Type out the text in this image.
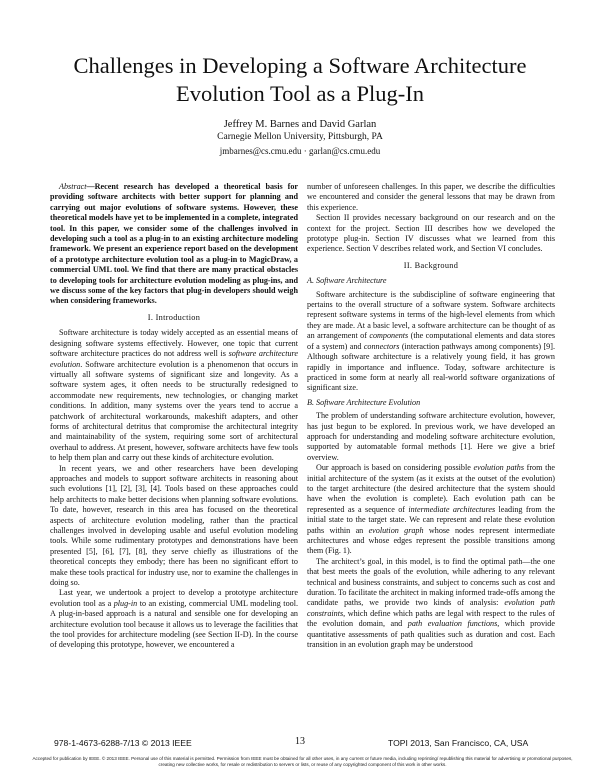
Challenges in Developing a Software Architecture Evolution Tool as a Plug-In
Jeffrey M. Barnes and David Garlan
Carnegie Mellon University, Pittsburgh, PA
jmbarnes@cs.cmu.edu · garlan@cs.cmu.edu

Abstract—Recent research has developed a theoretical basis for providing software architects with better support for planning and carrying out major evolutions of software systems. However, these theoretical models have yet to be implemented in a complete, integrated tool. In this paper, we consider some of the challenges involved in developing such a tool as a plug-in to an existing architecture modeling framework. We present an experience report based on the development of a prototype architecture evolution tool as a plug-in to MagicDraw, a commercial UML tool. We find that there are many practical obstacles to developing tools for architecture evolution modeling as plug-ins, and we discuss some of the key factors that plug-in developers should weigh when considering frameworks.

I. Introduction

Software architecture is today widely accepted as an essential means of designing software systems effectively. However, one topic that current software architecture practices do not address well is software architecture evolution. Software architecture evolution is a phenomenon that occurs in virtually all software systems of significant size and longevity. As a software system ages, it often needs to be structurally redesigned to accommodate new requirements, new technologies, or changing market conditions. In addition, many systems over the years tend to accrue a patchwork of architectural workarounds, makeshift adapters, and other forms of architectural detritus that compromise the architectural integrity and maintainability of the system, requiring some sort of architectural overhaul to address. At present, however, software architects have few tools to help them plan and carry out these kinds of architecture evolution.

In recent years, we and other researchers have been developing approaches and models to support software architects in reasoning about such evolutions [1], [2], [3], [4]. Tools based on these approaches could help architects to make better decisions when planning software evolutions. To date, however, research in this area has focused on the theoretical aspects of architecture evolution modeling, rather than the practical challenges involved in developing usable and useful evolution modeling tools. While some rudimentary prototypes and demonstrations have been presented [5], [6], [7], [8], they serve chiefly as illustrations of the theoretical concepts they embody; there has been no significant effort to make these tools practical for industry use, nor to examine the challenges in doing so.

Last year, we undertook a project to develop a prototype architecture evolution tool as a plug-in to an existing, commercial UML modeling tool. A plug-in-based approach is a natural and sensible one for developing an architecture evolution tool because it allows us to leverage the facilities that the tool provides for architecture modeling (see Section II-D). In the course of developing this prototype, however, we encountered a

number of unforeseen challenges. In this paper, we describe the difficulties we encountered and consider the general lessons that may be drawn from this experience.

Section II provides necessary background on our research and on the context for the project. Section III describes how we developed the prototype plug-in. Section IV discusses what we learned from this experience. Section V describes related work, and Section VI concludes.

II. Background
A. Software Architecture

Software architecture is the subdiscipline of software engineering that pertains to the overall structure of a software system. Software architects represent software systems in terms of the high-level elements from which they are made. At a basic level, a software architecture can be thought of as an arrangement of components (the computational elements and data stores of a system) and connectors (interaction pathways among components) [9]. Although software architecture is a relatively young field, it has grown rapidly in importance and influence. Today, software architecture is practiced in some form at nearly all real-world software organizations of significant size.

B. Software Architecture Evolution

The problem of understanding software architecture evolution, however, has just begun to be explored. In previous work, we have developed an approach for understanding and modeling software architecture evolution, supported by automatable formal methods [1]. Here we give a brief overview.

Our approach is based on considering possible evolution paths from the initial architecture of the system (as it exists at the outset of the evolution) to the target architecture (the desired architecture that the system should have when the evolution is complete). Each evolution path can be represented as a sequence of intermediate architectures leading from the initial state to the target state. We can represent and relate these evolution paths within an evolution graph whose nodes represent intermediate architectures and whose edges represent the possible transitions among them (Fig. 1).

The architect’s goal, in this model, is to find the optimal path—the one that best meets the goals of the evolution, while adhering to any relevant technical and business constraints, and subject to concerns such as cost and duration. To facilitate the architect in making informed trade-offs among the candidate paths, we provide two kinds of analysis: evolution path constraints, which define which paths are legal with respect to the rules of the evolution domain, and path evaluation functions, which provide quantitative assessments of path qualities such as duration and cost. Each transition in an evolution graph may be understood

978-1-4673-6288-7/13 © 2013 IEEE	13	TOPI 2013, San Francisco, CA, USA
Accepted for publication by IEEE. © 2013 IEEE. Personal use of this material is permitted. Permission from IEEE must be obtained for all other uses, in any current or future media, including reprinting/ republishing this material for advertising or promotional purposes, creating new collective works, for resale or redistribution to servers or lists, or reuse of any copyrighted component of this work in other works.
